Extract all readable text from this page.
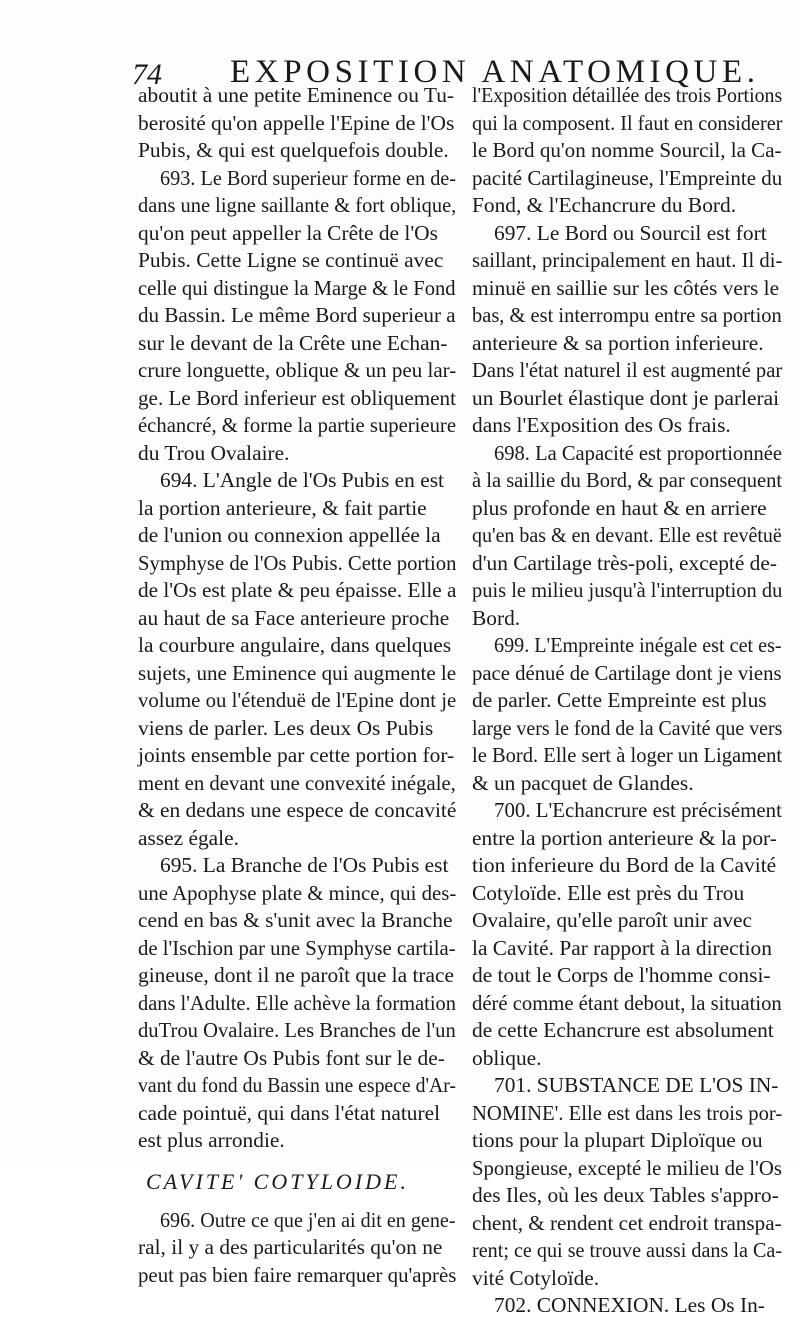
74 EXPOSITION ANATOMIQUE.
aboutit à une petite Eminence ou Tu-
berosité qu'on appelle l'Epine de l'Os
Pubis, & qui est quelquefois double.
693. Le Bord superieur forme en de-
dans une ligne saillante & fort oblique,
qu'on peut appeller la Crête de l'Os
Pubis. Cette Ligne se continuë avec
celle qui distingue la Marge & le Fond
du Bassin. Le même Bord superieur a
sur le devant de la Crête une Echan-
crure longuette, oblique & un peu lar-
ge. Le Bord inferieur est obliquement
échancré, & forme la partie superieure
du Trou Ovalaire.
694. L'Angle de l'Os Pubis en est
la portion anterieure, & fait partie
de l'union ou connexion appellée la
Symphyse de l'Os Pubis. Cette portion
de l'Os est plate & peu épaisse. Elle a
au haut de sa Face anterieure proche
la courbure angulaire, dans quelques
sujets, une Eminence qui augmente le
volume ou l'étenduë de l'Epine dont je
viens de parler. Les deux Os Pubis
joints ensemble par cette portion for-
ment en devant une convexité inégale,
& en dedans une espece de concavité
assez égale.
695. La Branche de l'Os Pubis est
une Apophyse plate & mince, qui des-
cend en bas & s'unit avec la Branche
de l'Ischion par une Symphyse cartila-
gineuse, dont il ne paroît que la trace
dans l'Adulte. Elle achève la formation
duTrou Ovalaire. Les Branches de l'un
& de l'autre Os Pubis font sur le de-
vant du fond du Bassin une espece d'Ar-
cade pointuë, qui dans l'état naturel
est plus arrondie.
CAVITE' COTYLOIDE.
696. Outre ce que j'en ai dit en gene-
ral, il y a des particularités qu'on ne
peut pas bien faire remarquer qu'après
l'Exposition détaillée des trois Portions
qui la composent. Il faut en considerer
le Bord qu'on nomme Sourcil, la Ca-
pacité Cartilagineuse, l'Empreinte du
Fond, & l'Echancrure du Bord.
697. Le Bord ou Sourcil est fort
saillant, principalement en haut. Il di-
minuë en saillie sur les côtés vers le
bas, & est interrompu entre sa portion
anterieure & sa portion inferieure.
Dans l'état naturel il est augmenté par
un Bourlet élastique dont je parlerai
dans l'Exposition des Os frais.
698. La Capacité est proportionnée
à la saillie du Bord, & par consequent
plus profonde en haut & en arriere
qu'en bas & en devant. Elle est revêtuë
d'un Cartilage très-poli, excepté de-
puis le milieu jusqu'à l'interruption du
Bord.
699. L'Empreinte inégale est cet es-
pace dénué de Cartilage dont je viens
de parler. Cette Empreinte est plus
large vers le fond de la Cavité que vers
le Bord. Elle sert à loger un Ligament
& un pacquet de Glandes.
700. L'Echancrure est précisément
entre la portion anterieure & la por-
tion inferieure du Bord de la Cavité
Cotyloïde. Elle est près du Trou
Ovalaire, qu'elle paroît unir avec
la Cavité. Par rapport à la direction
de tout le Corps de l'homme consi-
déré comme étant debout, la situation
de cette Echancrure est absolument
oblique.
701. SUBSTANCE DE L'OS IN-
NOMINE'. Elle est dans les trois por-
tions pour la plupart Diploïque ou
Spongieuse, excepté le milieu de l'Os
des Iles, où les deux Tables s'appro-
chent, & rendent cet endroit transpa-
rent; ce qui se trouve aussi dans la Ca-
vité Cotyloïde.
702. CONNEXION. Les Os In-
